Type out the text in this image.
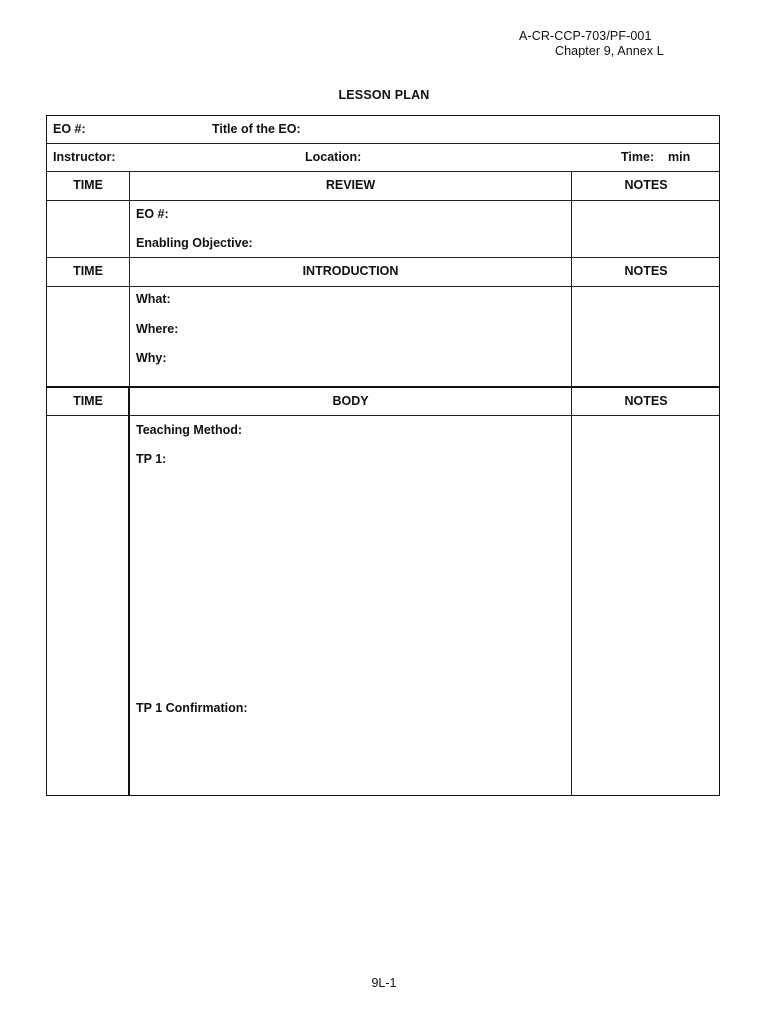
A-CR-CCP-703/PF-001
Chapter 9, Annex L
LESSON PLAN
EO #:	Title of the EO:
Instructor:	Location:	Time: min
TIME	REVIEW	NOTES
EO #:
Enabling Objective:
TIME	INTRODUCTION	NOTES
What:
Where:
Why:
TIME	BODY	NOTES
Teaching Method:
TP 1:
TP 1 Confirmation:
9L-1
